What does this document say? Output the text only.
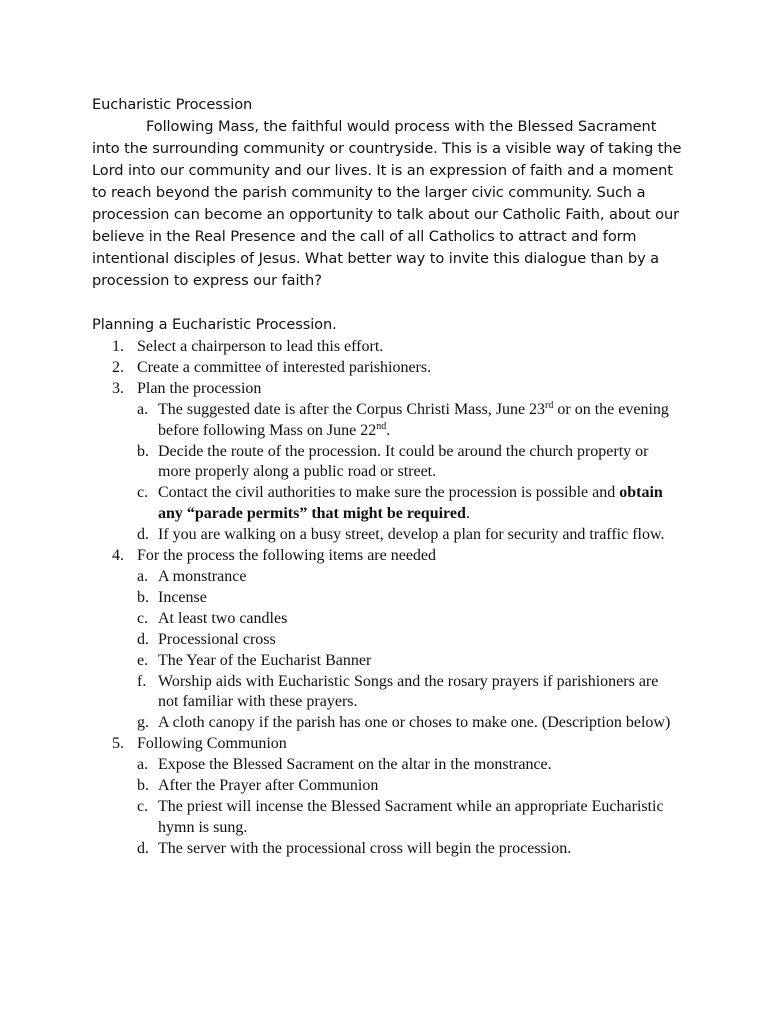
Eucharistic Procession

Following Mass, the faithful would process with the Blessed Sacrament into the surrounding community or countryside. This is a visible way of taking the Lord into our community and our lives. It is an expression of faith and a moment to reach beyond the parish community to the larger civic community. Such a procession can become an opportunity to talk about our Catholic Faith, about our believe in the Real Presence and the call of all Catholics to attract and form intentional disciples of Jesus. What better way to invite this dialogue than by a procession to express our faith?

Planning a Eucharistic Procession.

1. Select a chairperson to lead this effort.
2. Create a committee of interested parishioners.
3. Plan the procession
a. The suggested date is after the Corpus Christi Mass, June 23rd or on the evening before following Mass on June 22nd.
b. Decide the route of the procession. It could be around the church property or more properly along a public road or street.
c. Contact the civil authorities to make sure the procession is possible and obtain any “parade permits” that might be required.
d. If you are walking on a busy street, develop a plan for security and traffic flow.
4. For the process the following items are needed
a. A monstrance
b. Incense
c. At least two candles
d. Processional cross
e. The Year of the Eucharist Banner
f. Worship aids with Eucharistic Songs and the rosary prayers if parishioners are not familiar with these prayers.
g. A cloth canopy if the parish has one or choses to make one. (Description below)
5. Following Communion
a. Expose the Blessed Sacrament on the altar in the monstrance.
b. After the Prayer after Communion
c. The priest will incense the Blessed Sacrament while an appropriate Eucharistic hymn is sung.
d. The server with the processional cross will begin the procession.
